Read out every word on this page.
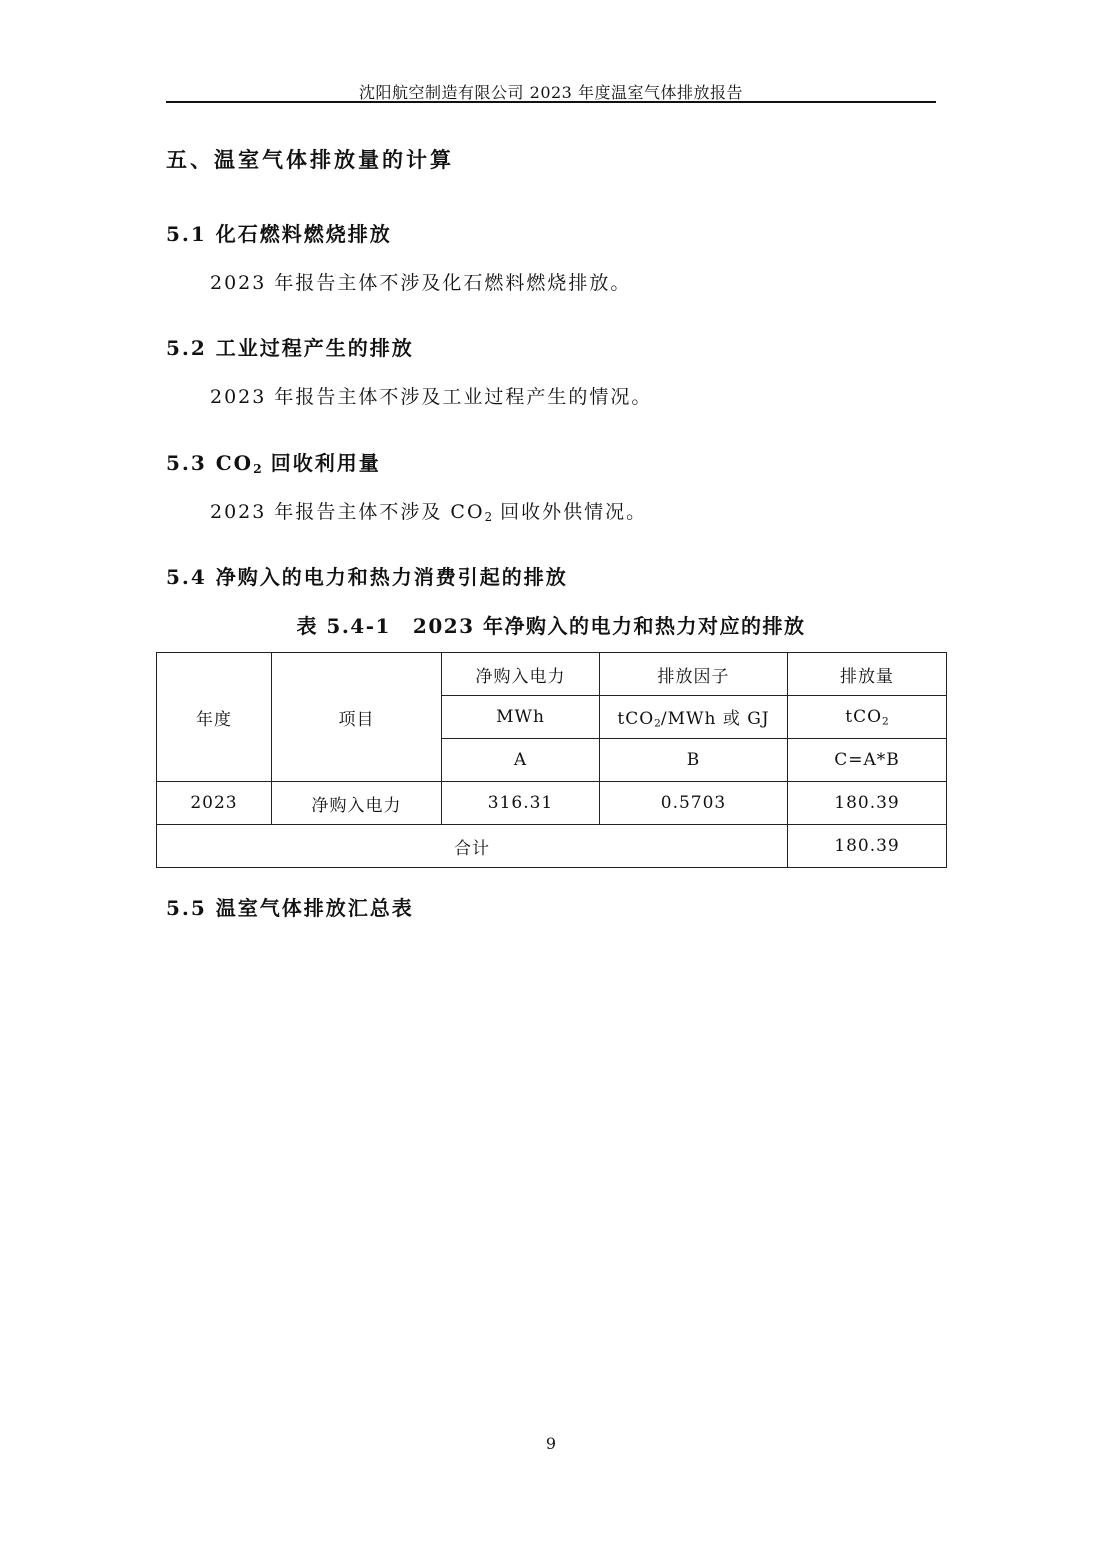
沈阳航空制造有限公司 2023 年度温室气体排放报告
五、温室气体排放量的计算
5.1 化石燃料燃烧排放
2023 年报告主体不涉及化石燃料燃烧排放。
5.2 工业过程产生的排放
2023 年报告主体不涉及工业过程产生的情况。
5.3 $CO_2$ 回收利用量
2023 年报告主体不涉及 $CO_2$ 回收外供情况。
5.4 净购入的电力和热力消费引起的排放
表 5.4-1 2023 年净购入的电力和热力对应的排放
年度	项目	净购入电力	排放因子	排放量
		MWh	tCO$_2$/MWh 或 GJ	tCO$_2$
		A	B	C=A*B
2023	净购入电力	316.31	0.5703	180.39
合计				180.39
5.5 温室气体排放汇总表
9
